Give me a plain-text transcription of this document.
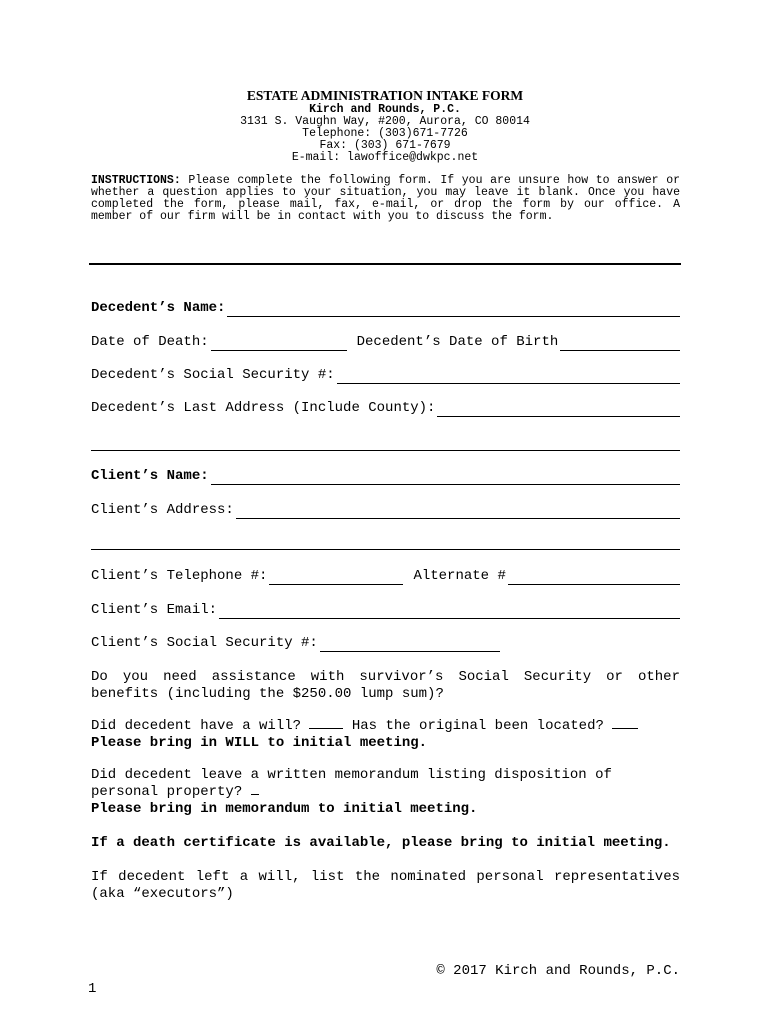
ESTATE ADMINISTRATION INTAKE FORM
Kirch and Rounds, P.C.
3131 S. Vaughn Way, #200, Aurora, CO 80014
Telephone: (303)671-7726
Fax: (303) 671-7679
E-mail: lawoffice@dwkpc.net
INSTRUCTIONS: Please complete the following form. If you are unsure how to answer or whether a question applies to your situation, you may leave it blank. Once you have completed the form, please mail, fax, e-mail, or drop the form by our office. A member of our firm will be in contact with you to discuss the form.
Decedent’s Name:
Date of Death:	Decedent’s Date of Birth
Decedent’s Social Security #:
Decedent’s Last Address (Include County):
Client’s Name:
Client’s Address:
Client’s Telephone #:	Alternate #
Client’s Email:
Client’s Social Security #:
Do you need assistance with survivor’s Social Security or other benefits (including the $250.00 lump sum)?
Did decedent have a will?  Has the original been located?
Please bring in WILL to initial meeting.
Did decedent leave a written memorandum listing disposition of personal property?
Please bring in memorandum to initial meeting.
If a death certificate is available, please bring to initial meeting.
If decedent left a will, list the nominated personal representatives (aka “executors”)
© 2017 Kirch and Rounds, P.C.
1
